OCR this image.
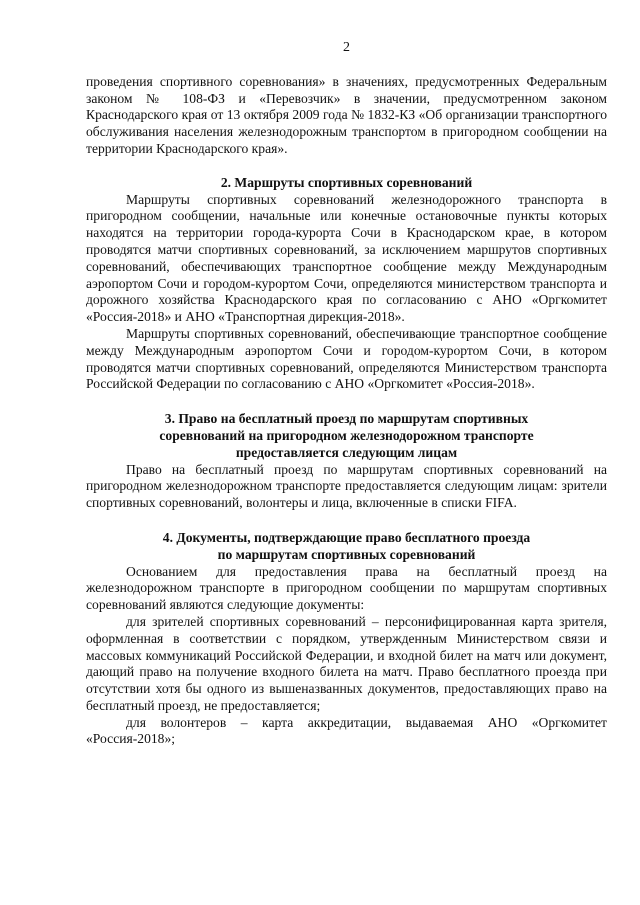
2

проведения спортивного соревнования» в значениях, предусмотренных Федеральным законом № 108-ФЗ и «Перевозчик» в значении, предусмотренном законом Краснодарского края от 13 октября 2009 года № 1832-КЗ «Об организации транспортного обслуживания населения железнодорожным транспортом в пригородном сообщении на территории Краснодарского края».

2. Маршруты спортивных соревнований

Маршруты спортивных соревнований железнодорожного транспорта в пригородном сообщении, начальные или конечные остановочные пункты которых находятся на территории города-курорта Сочи в Краснодарском крае, в котором проводятся матчи спортивных соревнований, за исключением маршрутов спортивных соревнований, обеспечивающих транспортное сообщение между Международным аэропортом Сочи и городом-курортом Сочи, определяются министерством транспорта и дорожного хозяйства Краснодарского края по согласованию с АНО «Оргкомитет «Россия-2018» и АНО «Транспортная дирекция-2018».

Маршруты спортивных соревнований, обеспечивающие транспортное сообщение между Международным аэропортом Сочи и городом-курортом Сочи, в котором проводятся матчи спортивных соревнований, определяются Министерством транспорта Российской Федерации по согласованию с АНО «Оргкомитет «Россия-2018».

3. Право на бесплатный проезд по маршрутам спортивных
соревнований на пригородном железнодорожном транспорте
предоставляется следующим лицам

Право на бесплатный проезд по маршрутам спортивных соревнований на пригородном железнодорожном транспорте предоставляется следующим лицам: зрители спортивных соревнований, волонтеры и лица, включенные в списки FIFA.

4. Документы, подтверждающие право бесплатного проезда
по маршрутам спортивных соревнований

Основанием для предоставления права на бесплатный проезд на железнодорожном транспорте в пригородном сообщении по маршрутам спортивных соревнований являются следующие документы:

для зрителей спортивных соревнований – персонифицированная карта зрителя, оформленная в соответствии с порядком, утвержденным Министерством связи и массовых коммуникаций Российской Федерации, и входной билет на матч или документ, дающий право на получение входного билета на матч. Право бесплатного проезда при отсутствии хотя бы одного из вышеназванных документов, предоставляющих право на бесплатный проезд, не предоставляется;

для волонтеров – карта аккредитации, выдаваемая АНО «Оргкомитет «Россия-2018»;
